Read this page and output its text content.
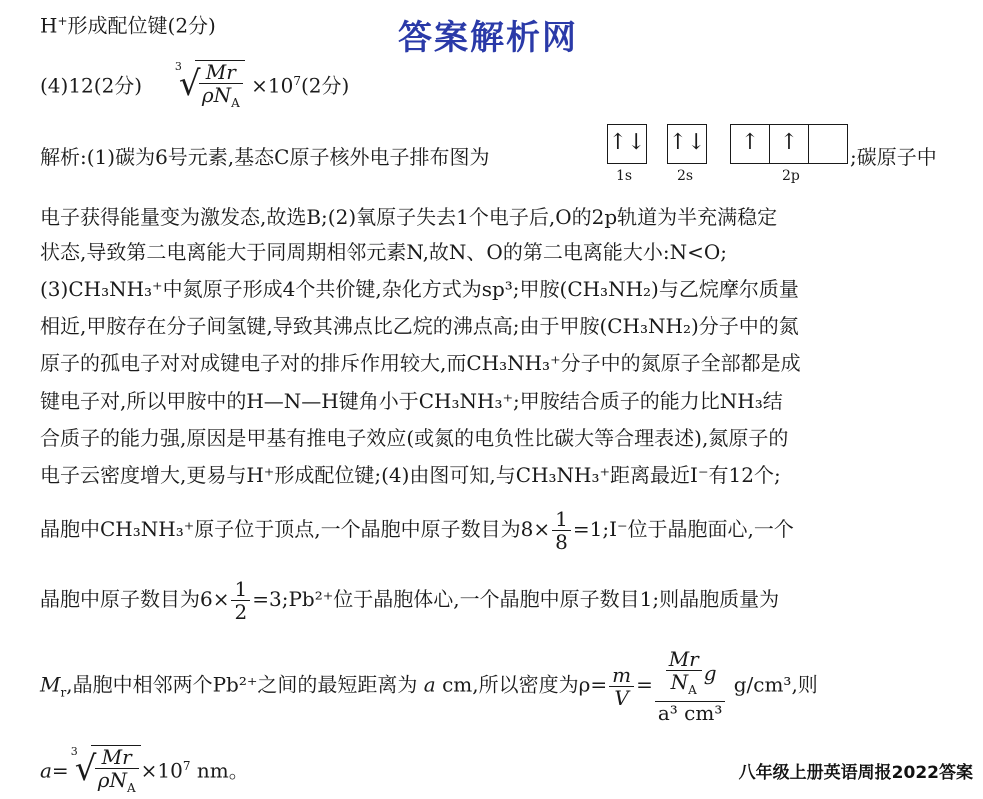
答案解析网
H+形成配位键(2分)
(4)12(2分)
3
√
$\frac{Mr}{\rho N_A} \times 10^7(2$分)
解析:(1)碳为6号元素,基态C原子核外电子排布图为
↑↓ ↑↓	↑ ↑
1s	2s	2p
;碳原子中
电子获得能量变为激发态,故选B;(2)氧原子失去1个电子后,O的2p轨道为半充满稳定
状态,导致第二电离能大于同周期相邻元素N,故N、O的第二电离能大小:N<O;
(3)CH₃NH₃⁺中氮原子形成4个共价键,杂化方式为sp³;甲胺(CH₃NH₂)与乙烷摩尔质量
相近,甲胺存在分子间氢键,导致其沸点比乙烷的沸点高;由于甲胺(CH₃NH₂)分子中的氮
原子的孤电子对对成键电子对的排斥作用较大,而CH₃NH₃⁺分子中的氮原子全部都是成
键电子对,所以甲胺中的H—N—H键角小于CH₃NH₃⁺;甲胺结合质子的能力比NH₃结
合质子的能力强,原因是甲基有推电子效应(或氮的电负性比碳大等合理表述),氮原子的
电子云密度增大,更易与H⁺形成配位键;(4)由图可知,与CH₃NH₃⁺距离最近I⁻有12个;
晶胞中CH₃NH₃⁺原子位于顶点,一个晶胞中原子数目为$8\times \frac{1}{8}$ =1;I⁻位于晶胞面心,一个
晶胞中原子数目为$6\times \frac{1}{2}$ =3;Pb²⁺位于晶胞体心,一个晶胞中原子数目1;则晶胞质量为
$M_r$,晶胞中相邻两个Pb²⁺之间的最短距离为 a cm,所以密度为$\rho= \frac{m}{V} = \frac{\frac{Mr}{N_A} g}{\text{a³ cm³}} g/cm^3$,则
a=
3
√
$\frac{Mr}{\rho N_A} \times 10^7$ nm。	八年级上册英语周报2022答案
